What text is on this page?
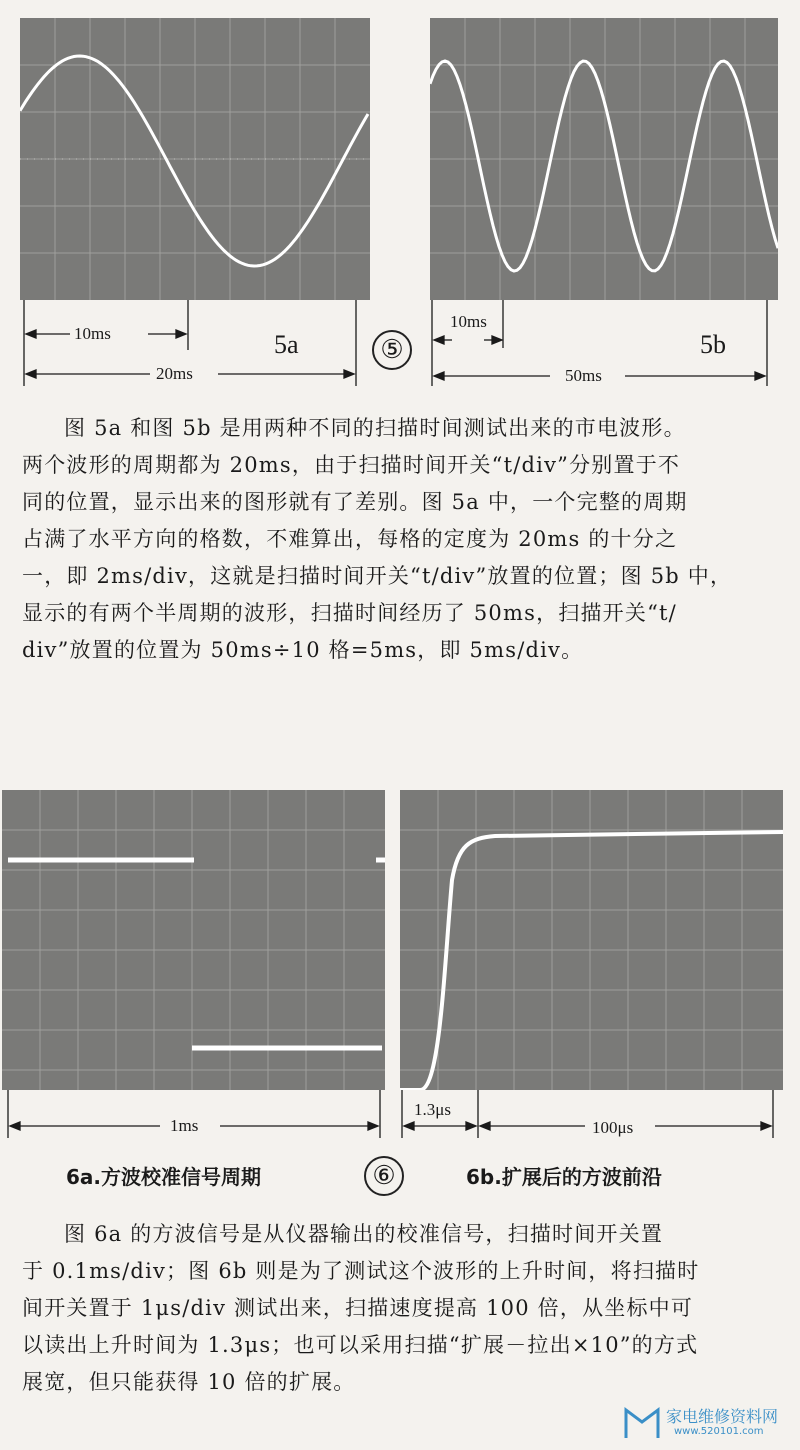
10ms
20ms
5a	⑤
10ms
50ms
5b

图 5a 和图 5b 是用两种不同的扫描时间测试出来的市电波形。

两个波形的周期都为 20ms，由于扫描时间开关“t/div”分别置于不

同的位置，显示出来的图形就有了差别。图 5a 中，一个完整的周期

占满了水平方向的格数，不难算出，每格的定度为 20ms 的十分之

一，即 2ms/div，这就是扫描时间开关“t/div”放置的位置；图 5b 中，

显示的有两个半周期的波形，扫描时间经历了 50ms，扫描开关“t/

div”放置的位置为 50ms÷10 格=5ms，即 5ms/div。

1ms
1.3μs
100μs
6a.方波校准信号周期	⑥	6b.扩展后的方波前沿

图 6a 的方波信号是从仪器输出的校准信号，扫描时间开关置

于 0.1ms/div；图 6b 则是为了测试这个波形的上升时间，将扫描时

间开关置于 1μs/div 测试出来，扫描速度提高 100 倍，从坐标中可

以读出上升时间为 1.3μs；也可以采用扫描“扩展－拉出×10”的方式

展宽，但只能获得 10 倍的扩展。

家电维修资料网
www.520101.com
